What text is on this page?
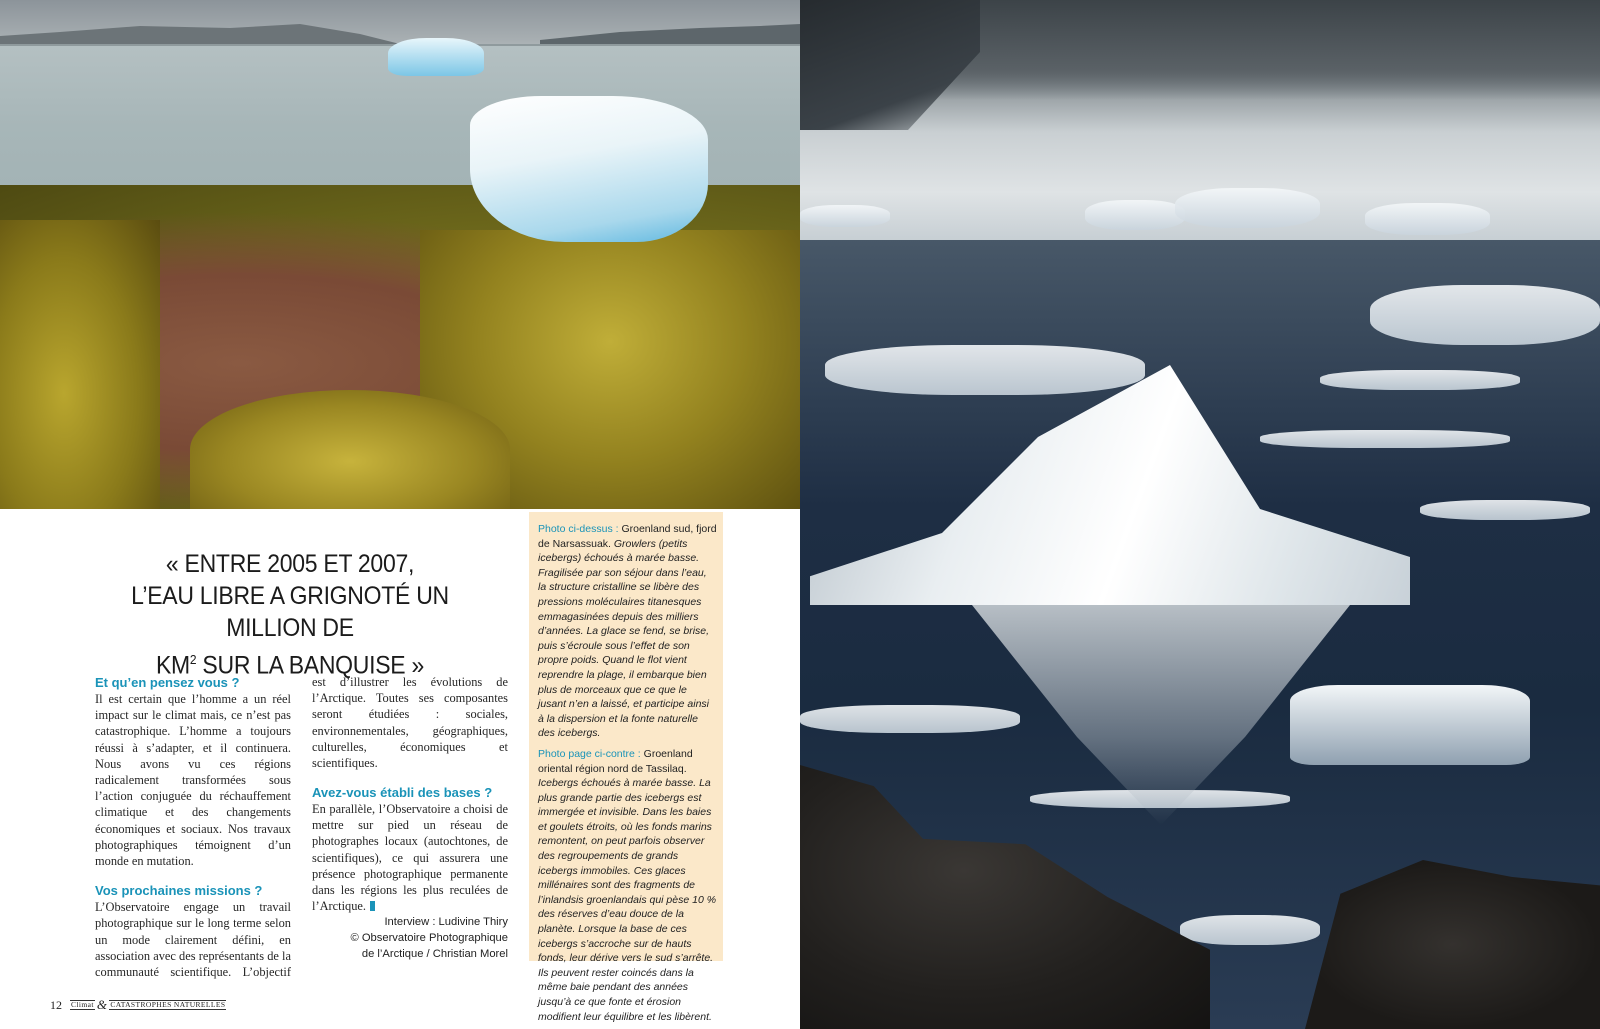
« ENTRE 2005 ET 2007,
L’EAU LIBRE A GRIGNOTÉ UN MILLION DE
$KM^2$ SUR LA BANQUISE »

Et qu’en pensez vous ?

Il est certain que l’homme a un réel impact sur le climat mais, ce n’est pas catastrophique. L’homme a toujours réussi à s’adapter, et il continuera. Nous avons vu ces régions radicalement transformées sous l’action conjuguée du réchauffement climatique et des changements économiques et sociaux. Nos travaux photographiques témoignent d’un monde en mutation.

Vos prochaines missions ?

L’Observatoire engage un travail photographique sur le long terme selon un mode clairement défini, en association avec des représentants de la communauté scientifique. L’objectif

est d’illustrer les évolutions de l’Arctique. Toutes ses composantes seront étudiées : sociales, environnementales, géographiques, culturelles, économiques et scientifiques.

Avez-vous établi des bases ?

En parallèle, l’Observatoire a choisi de mettre sur pied un réseau de photographes locaux (autochtones, de scientifiques), ce qui assurera une présence photographique permanente dans les régions les plus reculées de l’Arctique.

Interview : Ludivine Thiry
© Observatoire Photographique
de l’Arctique / Christian Morel

Photo ci-dessus : Groenland sud, fjord de Narsassuak. Growlers (petits icebergs) échoués à marée basse. Fragilisée par son séjour dans l’eau, la structure cristalline se libère des pressions moléculaires titanesques emmagasinées depuis des milliers d’années. La glace se fend, se brise, puis s’écroule sous l’effet de son propre poids. Quand le flot vient reprendre la plage, il embarque bien plus de morceaux que ce que le jusant n’en a laissé, et participe ainsi à la dispersion et la fonte naturelle des icebergs.

Photo page ci-contre : Groenland oriental région nord de Tassilaq. Icebergs échoués à marée basse. La plus grande partie des icebergs est immergée et invisible. Dans les baies et goulets étroits, où les fonds marins remontent, on peut parfois observer des regroupements de grands icebergs immobiles. Ces glaces millénaires sont des fragments de l’inlandsis groenlandais qui pèse 10 % des réserves d’eau douce de la planète. Lorsque la base de ces icebergs s’accroche sur de hauts fonds, leur dérive vers le sud s’arrête. Ils peuvent rester coincés dans la même baie pendant des années jusqu’à ce que fonte et érosion modifient leur équilibre et les libèrent.

12 Climat & CATASTROPHES NATURELLES
